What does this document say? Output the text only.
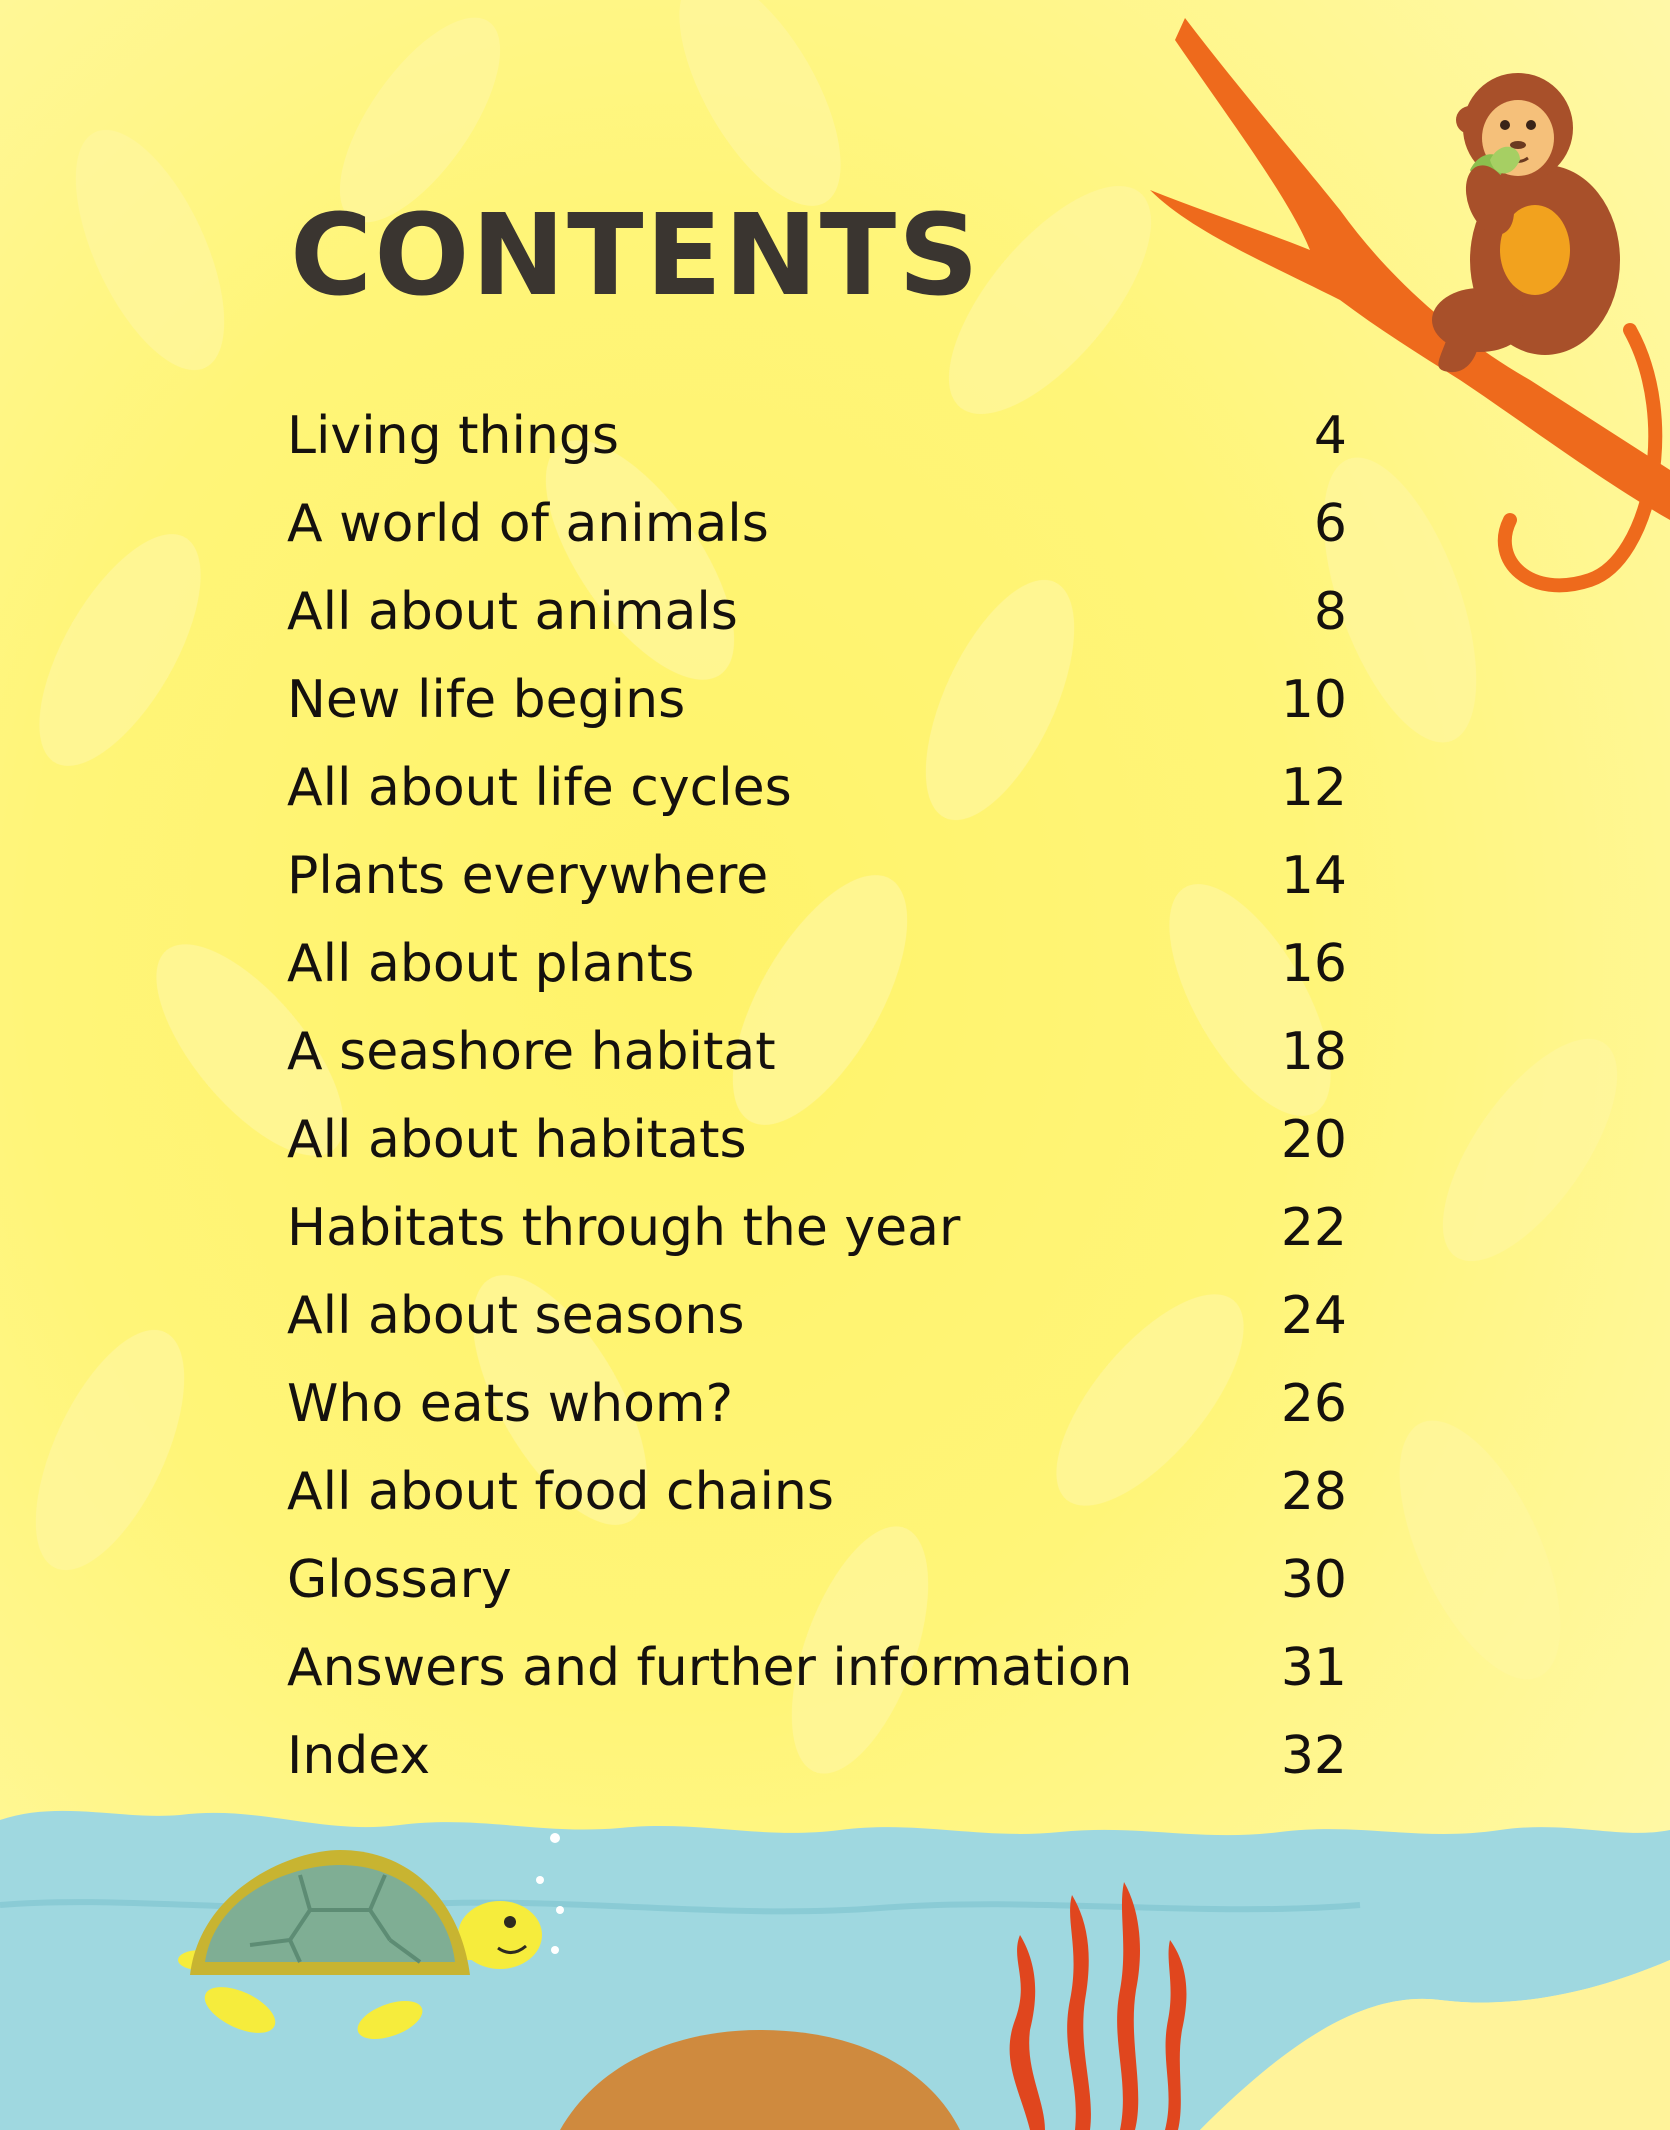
CONTENTS
Living things	4
A world of animals	6
All about animals	8
New life begins	10
All about life cycles	12
Plants everywhere	14
All about plants	16
A seashore habitat	18
All about habitats	20
Habitats through the year	22
All about seasons	24
Who eats whom?	26
All about food chains	28
Glossary	30
Answers and further information	31
Index	32
